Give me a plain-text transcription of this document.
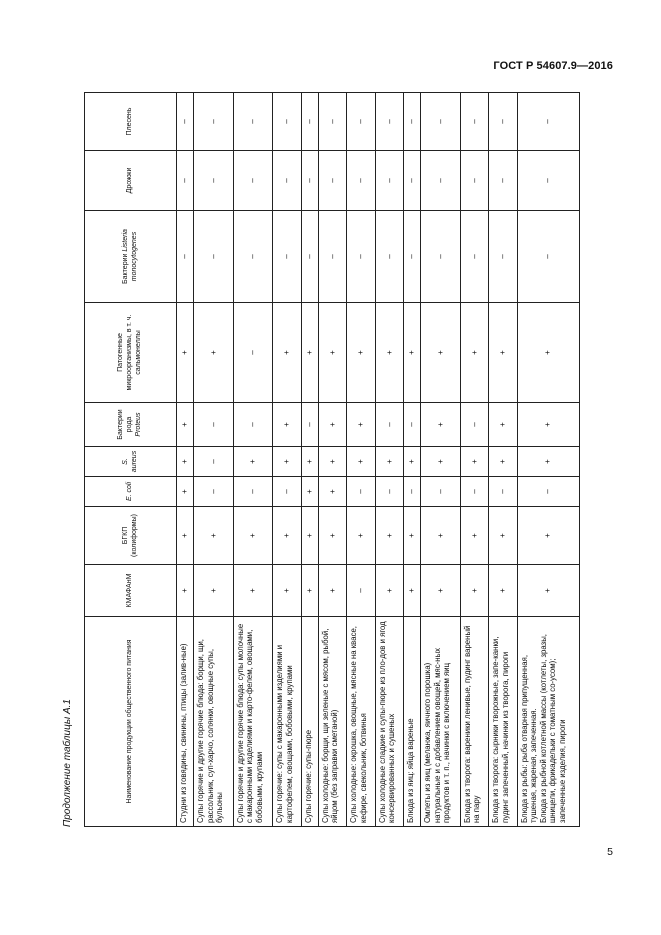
ГОСТ Р 54607.9—2016
Продолжение таблицы А.1	Наименование продукции общественного питания	КМАФАнМ	БГКП (колиформы)	E. coli	S. aureus	Бактерии рода Proteus	Патогенные микроорганизмы, в т. ч. сальмонеллы	Бактерии Listeria monocytogenes	Дрожжи	Плесень
Студни из говядины, свинины, птицы (залив-ные)	+	+	+	+	+	+	–	–	–
Супы горячие и другие горячие блюда: борщи, щи, рассольник, суп-харчо, солянки, овощные супы, бульоны	+	+	–	–	–	+	–	–	–
Супы горячие и другие горячие блюда: супы молочные с макаронными изделиями и карто-фелем, овощами, бобовыми, крупами	+	+	–	+	–	–	–	–	–
Супы горячие: супы с макаронными изделиями и картофелем, овощами, бобовыми, крупами	+	+	–	+	+	+	–	–	–
Супы горячие: супы-пюре	+	+	+	+	–	+	–	–	–
Супы холодные: борщи, щи зеленые с мясом, рыбой, яйцом (без заправки сметаной)	+	+	+	+	+	+	–	–	–
Супы холодные: окрошка, овощные, мясные на квасе, кефире, свекольник, ботвинья	–	+	–	+	+	+	–	–	–
Супы холодные сладкие и супы-пюре из пло-дов и ягод консервированных и сушеных	+	+	–	+	–	+	–	–	–
Блюда из яиц: яйца вареные	+	+	–	+	–	+	–	–	–
Омлеты из яиц (меланжа, яичного порошка) натуральные и с добавлением овощей, мяс-ных продуктов и т. п., начинки с включением яиц	+	+	–	+	+	+	–	–	–
Блюда из творога: вареники ленивые, пудинг вареный на пару	+	+	–	+	–	+	–	–	–
Блюда из творога: сырники творожные, запе-канки, пудинг запеченный, начинки из творога, пироги	+	+	–	+	+	+	–	–	–
Блюда из рыбы: рыба отварная припущенная, тушеная, жареная, запеченная.
Блюда из рыбной котлетной массы (котлеты, зразы, шницели, фрикадельки с томатным со-усом); запеченные изделия, пироги	+	+	–	+	+	+	–	–	–
5
